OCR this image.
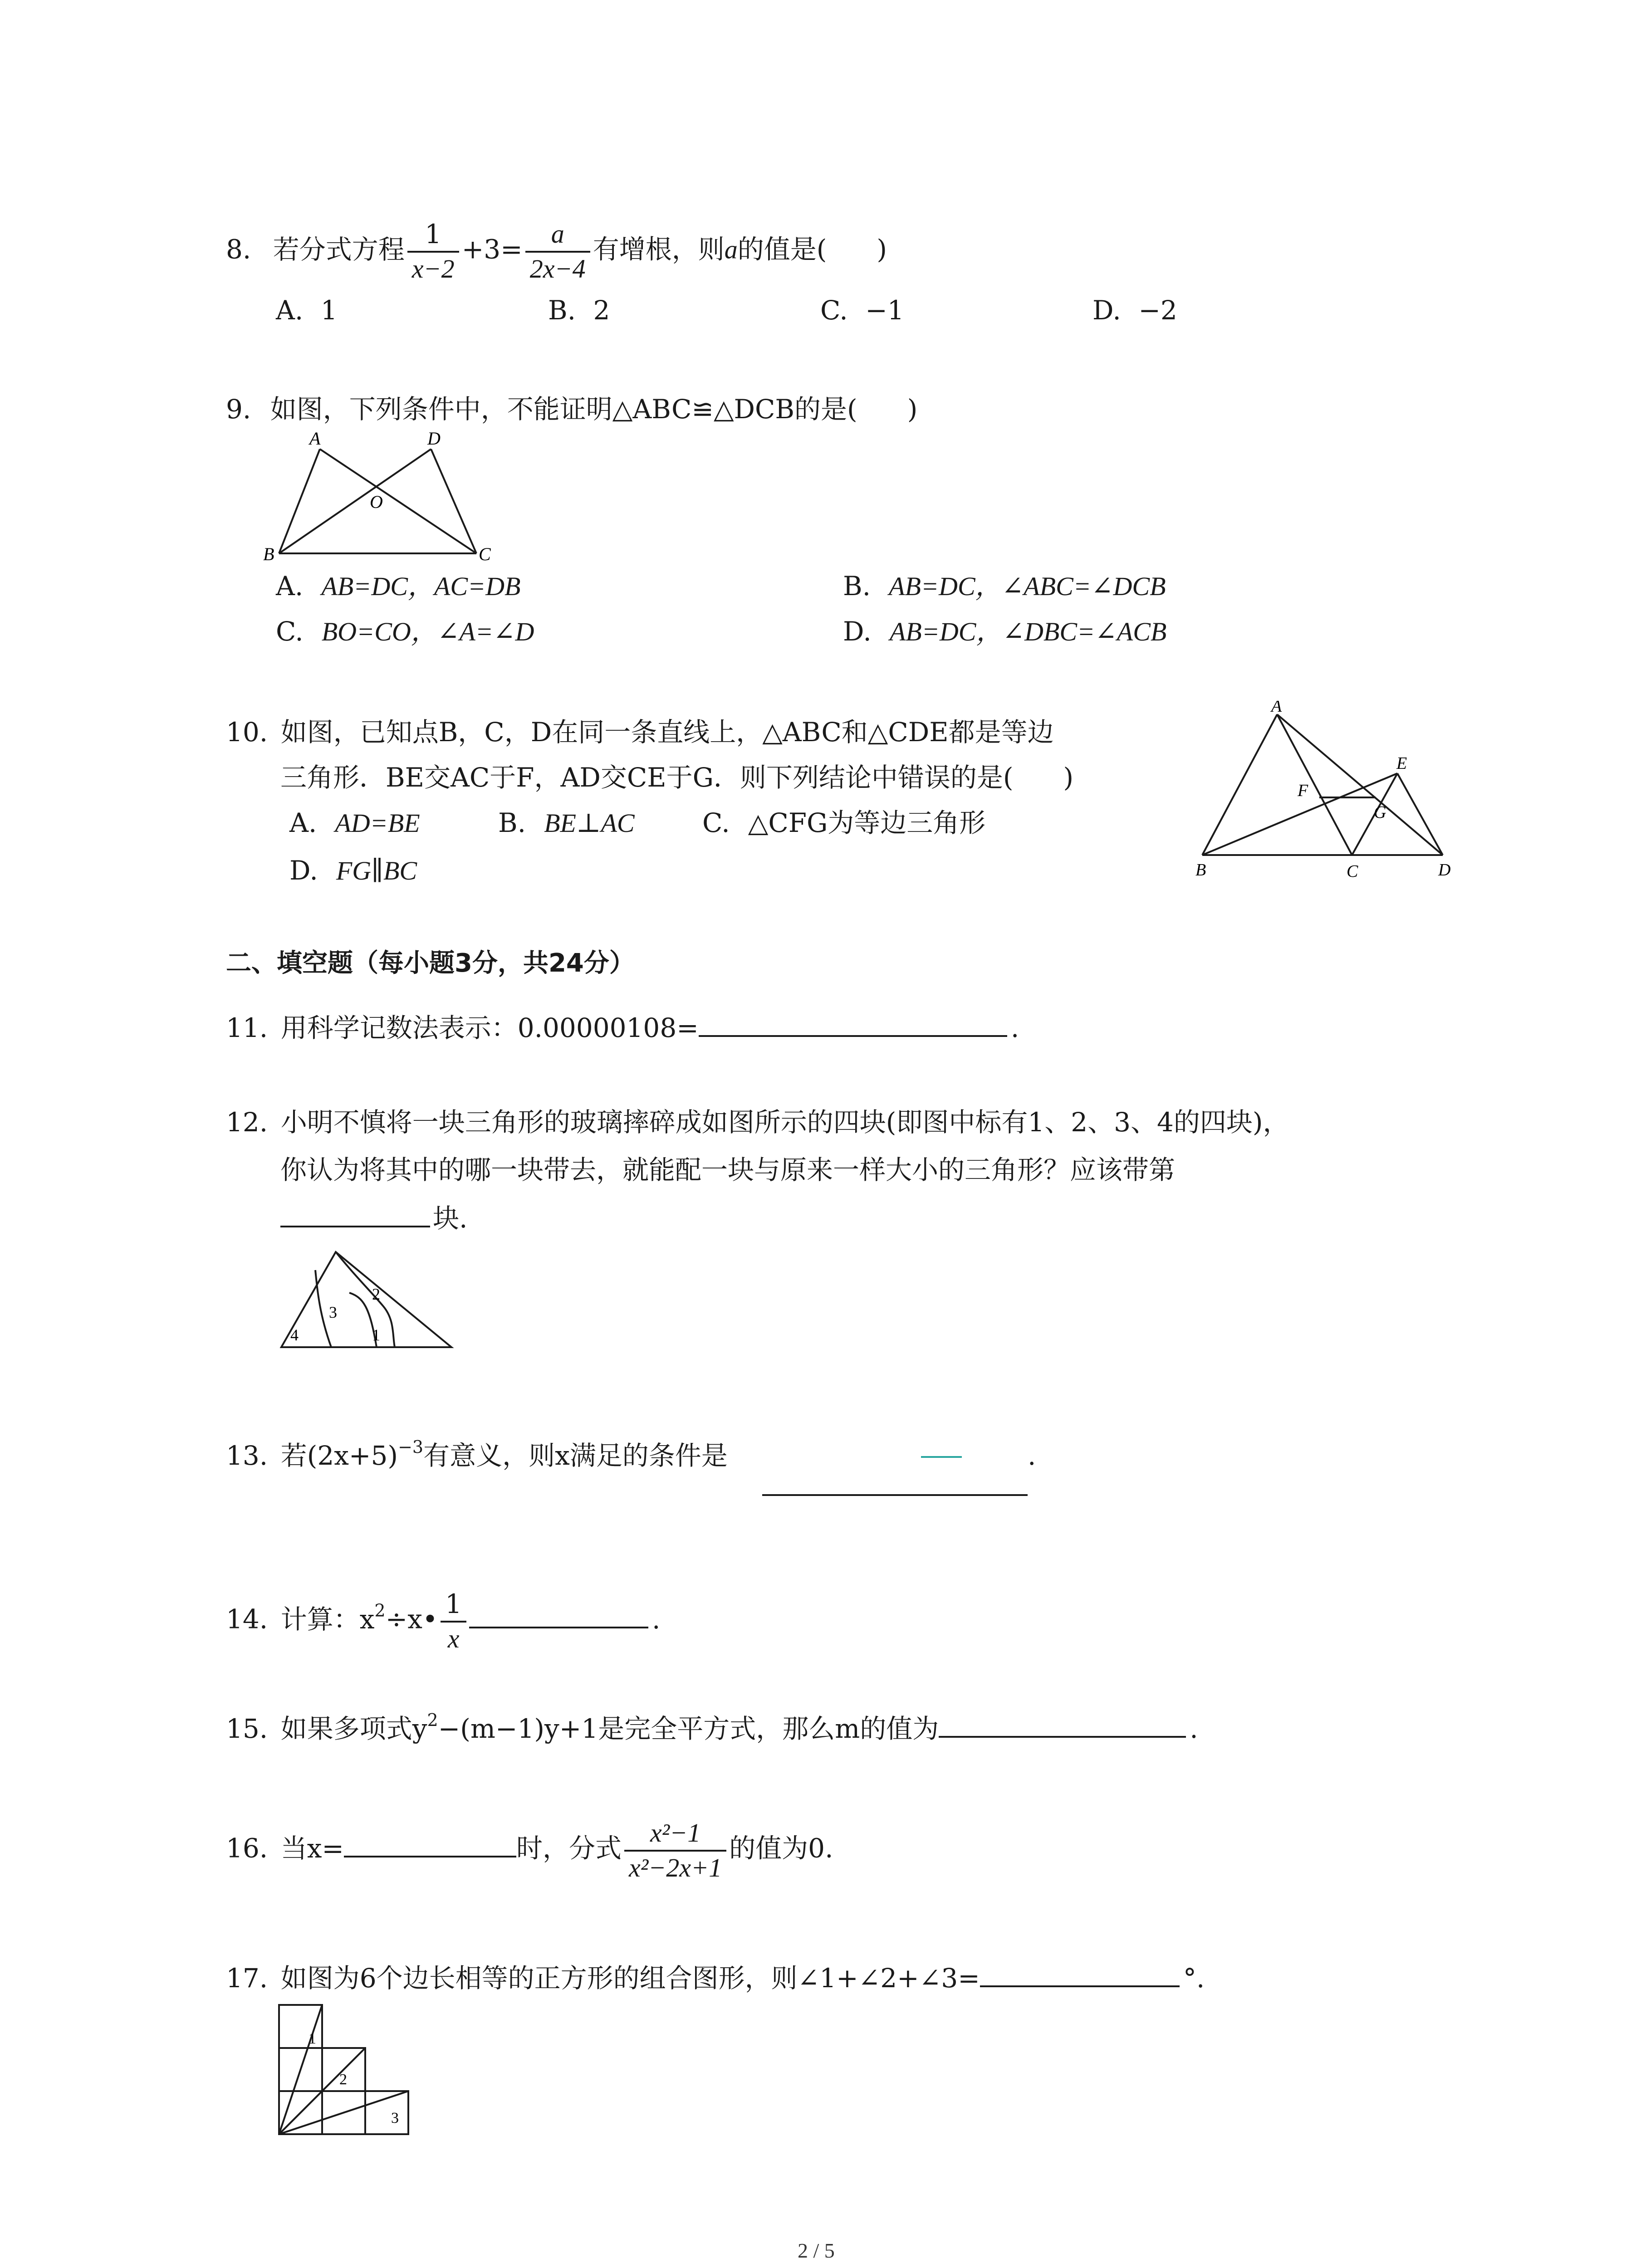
8. 若分式方程 $\frac{1}{x-2} +3= \frac{a}{2x-4}$ 有增根，则a的值是( )
A. 1	B. 2	C. −1	D. −2
9. 如图，下列条件中，不能证明△ABC≌△DCB的是( )
A	D
O
B	C
A. AB=DC，AC=DB	B. AB=DC，∠ABC=∠DCB
C. BO=CO，∠A=∠D	D. AB=DC，∠DBC=∠ACB
10. 如图，已知点B，C，D在同一条直线上，△ABC和△CDE都是等边
三角形．BE交AC于F，AD交CE于G．则下列结论中错误的是( )
A. AD=BE	B. BE⊥AC	C. △CFG为等边三角形
D. FG∥BC
A
E
F
G
B	C	D
二、填空题（每小题3分，共24分）
11. 用科学记数法表示：0.00000108=	.
12. 小明不慎将一块三角形的玻璃摔碎成如图所示的四块(即图中标有1、2、3、4的四块)，
你认为将其中的哪一块带去，就能配一块与原来一样大小的三角形？应该带第
块.
1
2
3
4
13. 若$(2x+5)^{-3}$有意义，则x满足的条件是	.
14. 计算：$x^2\div x• \frac{1}{x}$	.
15. 如果多项式$y^2-(m-1)y+1$是完全平方式，那么m的值为	.
16. 当x=	时，分式 $\frac{\text{x²−1}}{\text{x²−2x+1}}$ 的值为0.
17. 如图为6个边长相等的正方形的组合图形，则∠1+∠2+∠3=	°.
1
2
3
2 / 5
